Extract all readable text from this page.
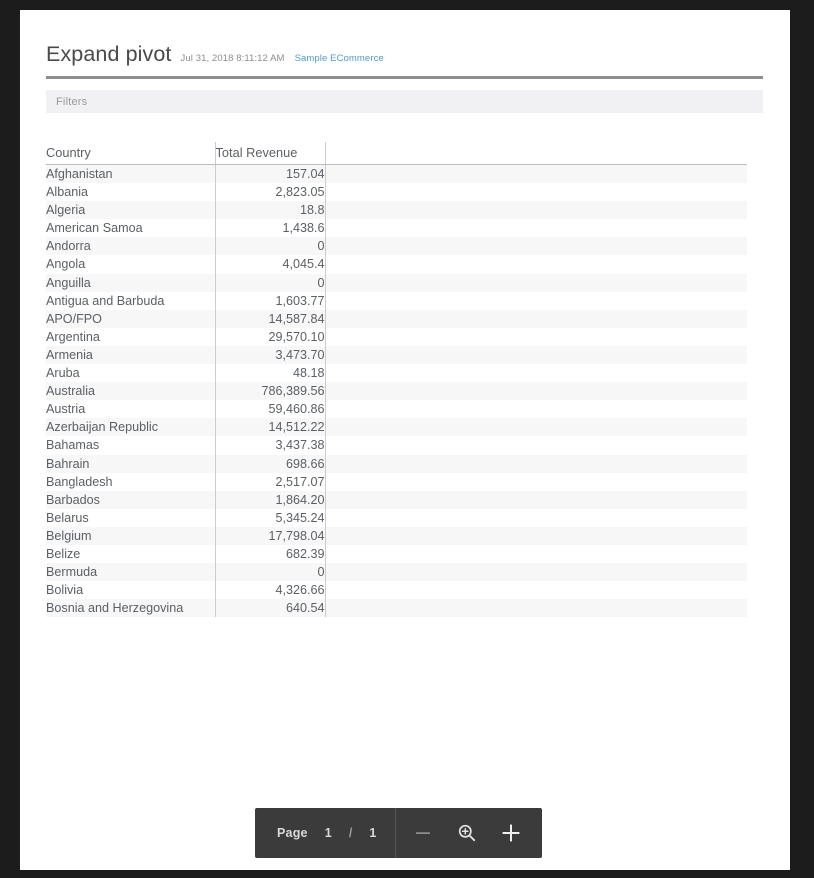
Expand pivot Jul 31, 2018 8:11:12 AM Sample ECommerce
Filters
Country	Total Revenue	
Afghanistan	157.04	
Albania	2,823.05	
Algeria	18.8	
American Samoa	1,438.6	
Andorra	0	
Angola	4,045.4	
Anguilla	0	
Antigua and Barbuda	1,603.77	
APO/FPO	14,587.84	
Argentina	29,570.10	
Armenia	3,473.70	
Aruba	48.18	
Australia	786,389.56	
Austria	59,460.86	
Azerbaijan Republic	14,512.22	
Bahamas	3,437.38	
Bahrain	698.66	
Bangladesh	2,517.07	
Barbados	1,864.20	
Belarus	5,345.24	
Belgium	17,798.04	
Belize	682.39	
Bermuda	0	
Bolivia	4,326.66	
Bosnia and Herzegovina	640.54	
Page 1 / 1
